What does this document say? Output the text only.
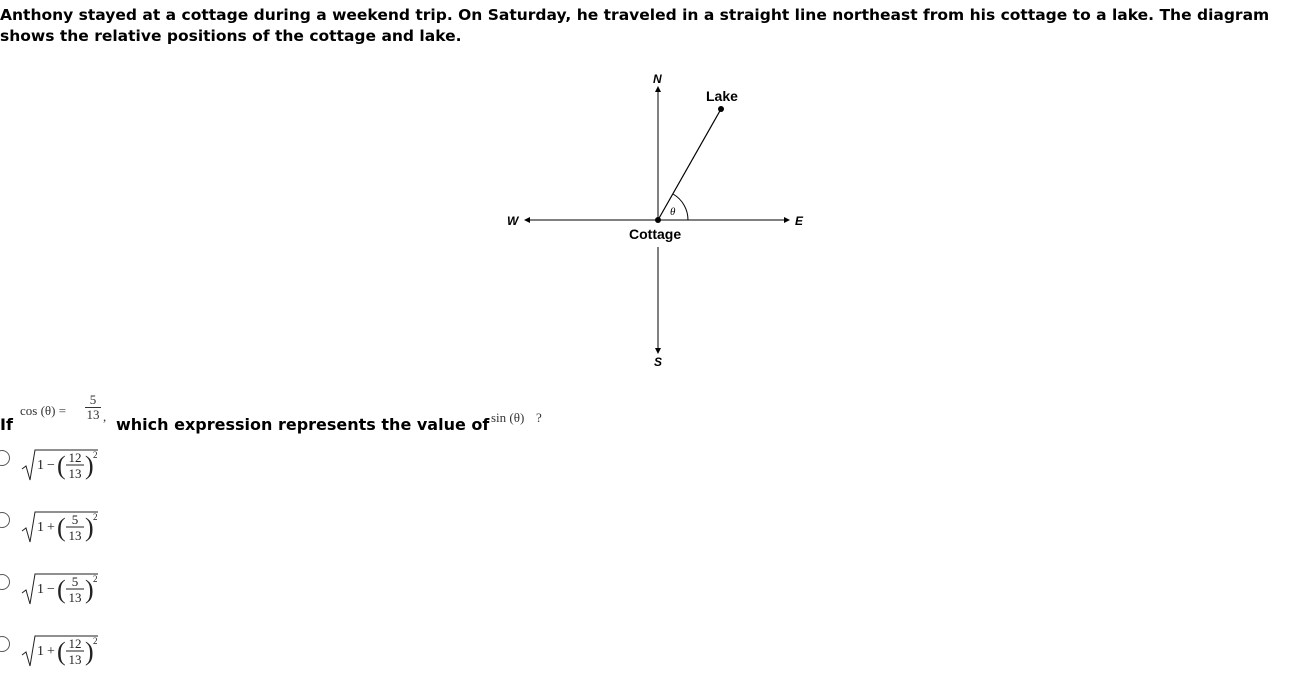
Anthony stayed at a cottage during a weekend trip. On Saturday, he traveled in a straight line northeast from his cottage to a lake. The diagram
shows the relative positions of the cottage and lake.
N
S
W	E
Lake
Cottage
θ
If
$\cos (\theta) = \frac{5}{13}$ , which expression represents the value of sin (θ) ?
1 − ( 12
13 ) 2
1 + ( 5
13 ) 2
1 − ( 5
13 ) 2
1 + ( 12
13 ) 2
